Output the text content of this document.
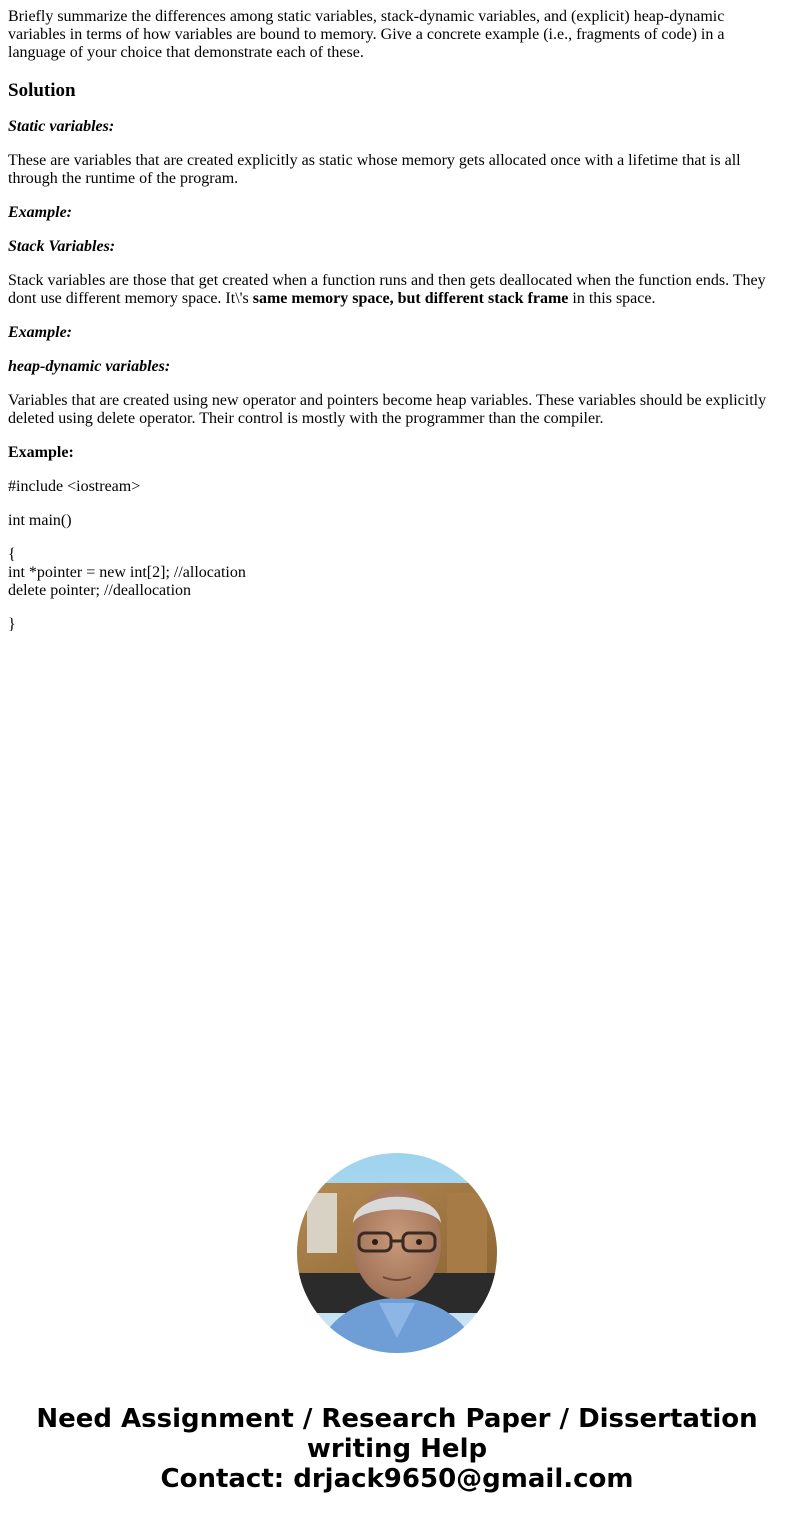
Briefly summarize the differences among static variables, stack-dynamic variables, and (explicit) heap-dynamic variables in terms of how variables are bound to memory. Give a concrete example (i.e., fragments of code) in a language of your choice that demonstrate each of these.

Solution

Static variables:

These are variables that are created explicitly as static whose memory gets allocated once with a lifetime that is all through the runtime of the program.

Example:

Stack Variables:

Stack variables are those that get created when a function runs and then gets deallocated when the function ends. They dont use different memory space. It\'s same memory space, but different stack frame in this space.

Example:

heap-dynamic variables:

Variables that are created using new operator and pointers become heap variables. These variables should be explicitly deleted using delete operator. Their control is mostly with the programmer than the compiler.

Example:

#include <iostream>

int main()

{
int *pointer = new int[2]; //allocation
delete pointer; //deallocation

}

Need Assignment / Research Paper / Dissertation
writing Help
Contact: drjack9650@gmail.com
